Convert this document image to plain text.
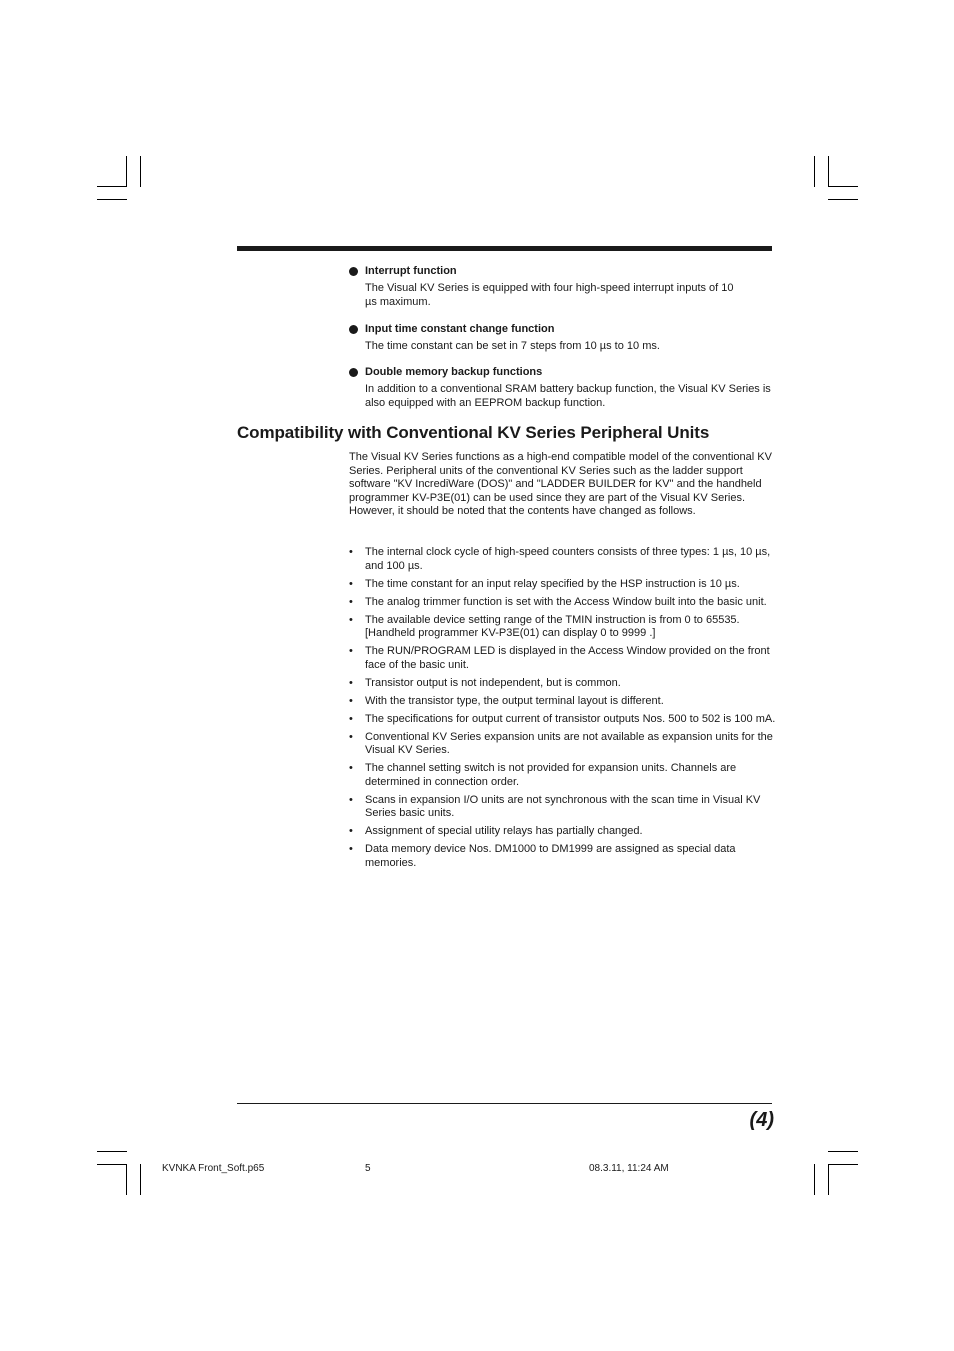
Interrupt function
The Visual KV Series is equipped with four high-speed interrupt inputs of 10 µs maximum.
Input time constant change function
The time constant can be set in 7 steps from 10 µs to 10 ms.
Double memory backup functions
In addition to a conventional SRAM battery backup function, the Visual KV Series is also equipped with an EEPROM backup function.
Compatibility with Conventional KV Series Peripheral Units

The Visual KV Series functions as a high-end compatible model of the conventional KV Series. Peripheral units of the conventional KV Series such as the ladder support software "KV IncrediWare (DOS)" and "LADDER BUILDER for KV" and the handheld programmer KV-P3E(01) can be used since they are part of the Visual KV Series.

However, it should be noted that the contents have changed as follows.

• The internal clock cycle of high-speed counters consists of three types: 1 µs, 10 µs, and 100 µs.
• The time constant for an input relay specified by the HSP instruction is 10 µs.
• The analog trimmer function is set with the Access Window built into the basic unit.
• The available device setting range of the TMIN instruction is from 0 to 65535. [Handheld programmer KV-P3E(01) can display 0 to 9999 .]
• The RUN/PROGRAM LED is displayed in the Access Window provided on the front face of the basic unit.
• Transistor output is not independent, but is common.
• With the transistor type, the output terminal layout is different.
• The specifications for output current of transistor outputs Nos. 500 to 502 is 100 mA.
• Conventional KV Series expansion units are not available as expansion units for the Visual KV Series.
• The channel setting switch is not provided for expansion units. Channels are determined in connection order.
• Scans in expansion I/O units are not synchronous with the scan time in Visual KV Series basic units.
• Assignment of special utility relays has partially changed.
• Data memory device Nos. DM1000 to DM1999 are assigned as special data memories.
(4)
KVNKA Front_Soft.p65	5	08.3.11, 11:24 AM
